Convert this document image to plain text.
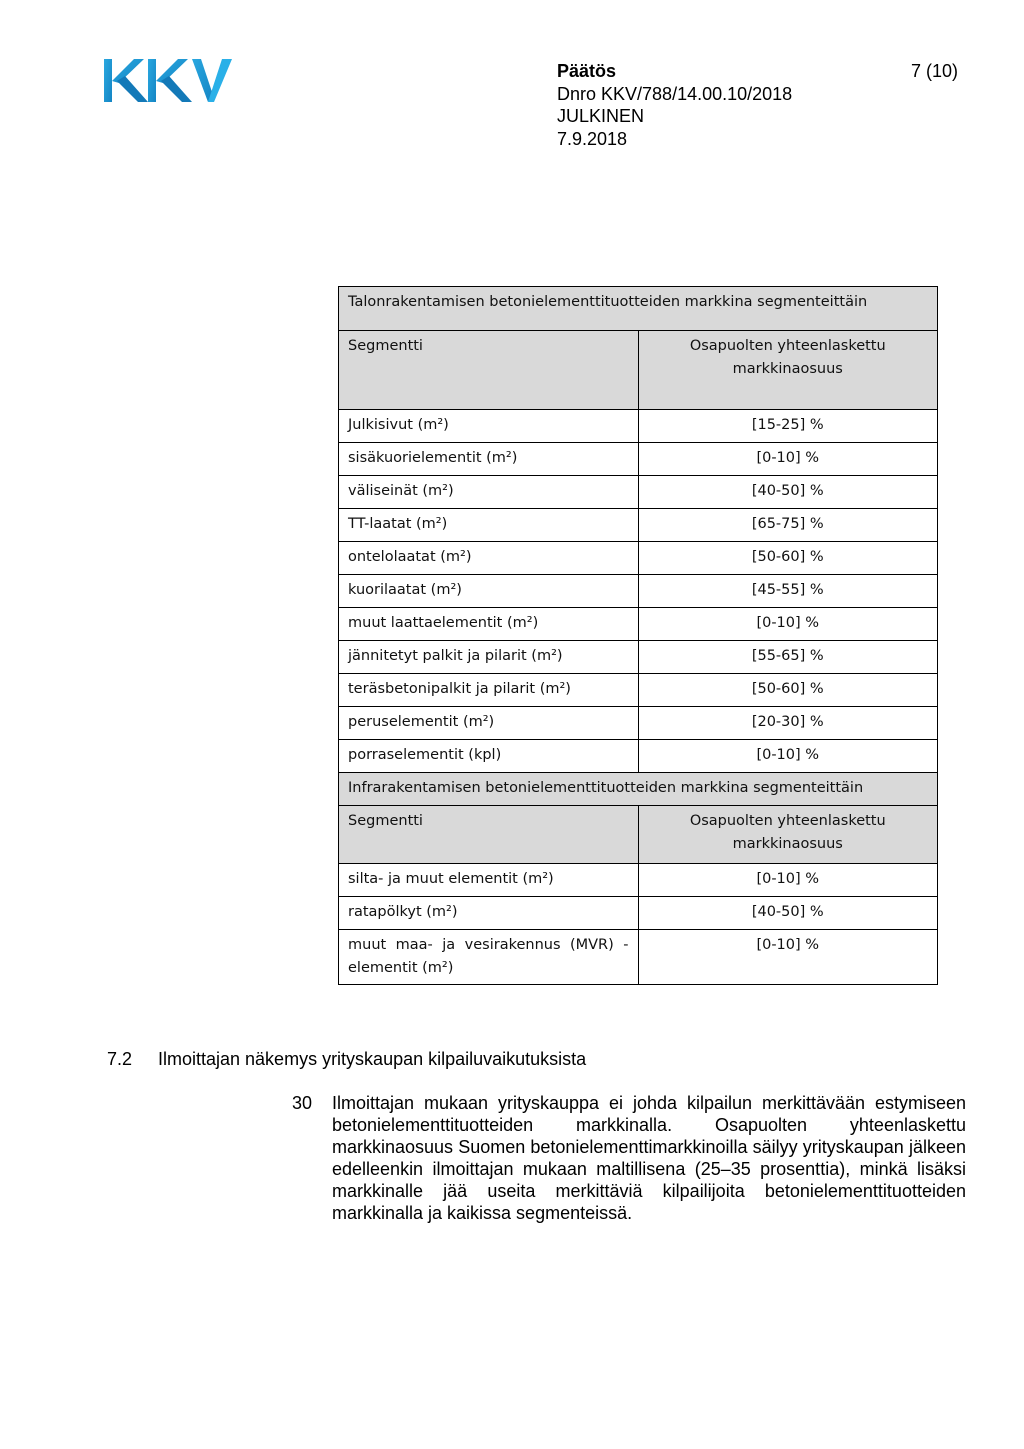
Päätös
Dnro KKV/788/14.00.10/2018
JULKINEN
7.9.2018
7 (10)
Talonrakentamisen betonielementtituotteiden markkina segmenteittäin	
Segmentti	Osapuolten yhteenlaskettu markkinaosuus
Julkisivut (m²)	[15-25] %
sisäkuorielementit (m²)	[0-10] %
väliseinät (m²)	[40-50] %
TT-laatat (m²)	[65-75] %
ontelolaatat (m²)	[50-60] %
kuorilaatat (m²)	[45-55] %
muut laattaelementit (m²)	[0-10] %
jännitetyt palkit ja pilarit (m²)	[55-65] %
teräsbetonipalkit ja pilarit (m²)	[50-60] %
peruselementit (m²)	[20-30] %
porraselementit (kpl)	[0-10] %
Infrarakentamisen betonielementtituotteiden markkina segmenteittäin	
Segmentti	Osapuolten yhteenlaskettu markkinaosuus
silta- ja muut elementit (m²)	[0-10] %
ratapölkyt (m²)	[40-50] %
muut maa- ja vesirakennus (MVR) -elementit (m²)	[0-10] %
7.2 Ilmoittajan näkemys yrityskaupan kilpailuvaikutuksista
30 Ilmoittajan mukaan yrityskauppa ei johda kilpailun merkittävään estymiseen betonielementtituotteiden markkinalla. Osapuolten yhteenlaskettu markkinaosuus Suomen betonielementtimarkkinoilla säilyy yrityskaupan jälkeen edelleenkin ilmoittajan mukaan maltillisena (25–35 prosenttia), minkä lisäksi markkinalle jää useita merkittäviä kilpailijoita betonielementtituotteiden markkinalla ja kaikissa segmenteissä.
